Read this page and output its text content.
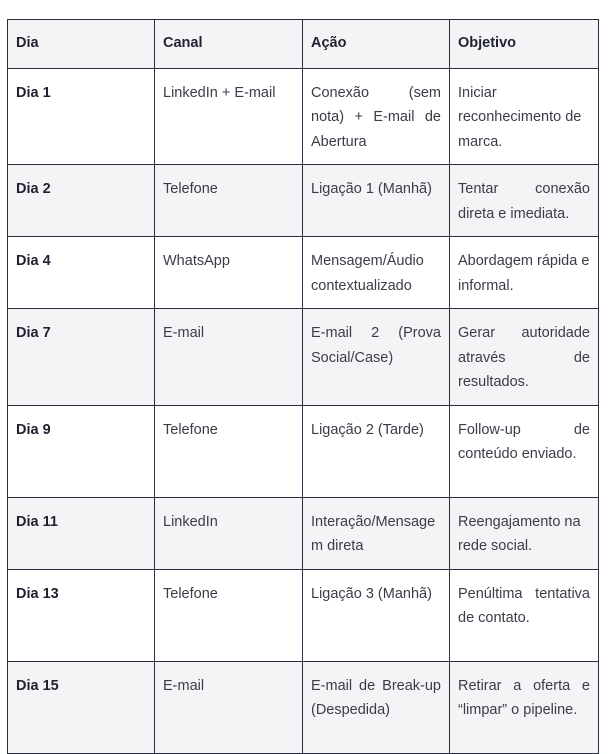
Dia	Canal	Ação	Objetivo
Dia 1	LinkedIn + E-mail	Conexão (sem nota) + E-mail de Abertura	Iniciar reconhecimento de marca.
Dia 2	Telefone	Ligação 1 (Manhã)	Tentar conexão direta e imediata.
Dia 4	WhatsApp	Mensagem/Áudio contextualizado	Abordagem rápida e informal.
Dia 7	E-mail	E-mail 2 (Prova Social/Case)	Gerar autoridade através de resultados.
Dia 9	Telefone	Ligação 2 (Tarde)	Follow-up de conteúdo enviado.
Dia 11	LinkedIn	Interação/Mensagem direta	Reengajamento na rede social.
Dia 13	Telefone	Ligação 3 (Manhã)	Penúltima tentativa de contato.
Dia 15	E-mail	E-mail de Break-up (Despedida)	Retirar a oferta e “limpar” o pipeline.
